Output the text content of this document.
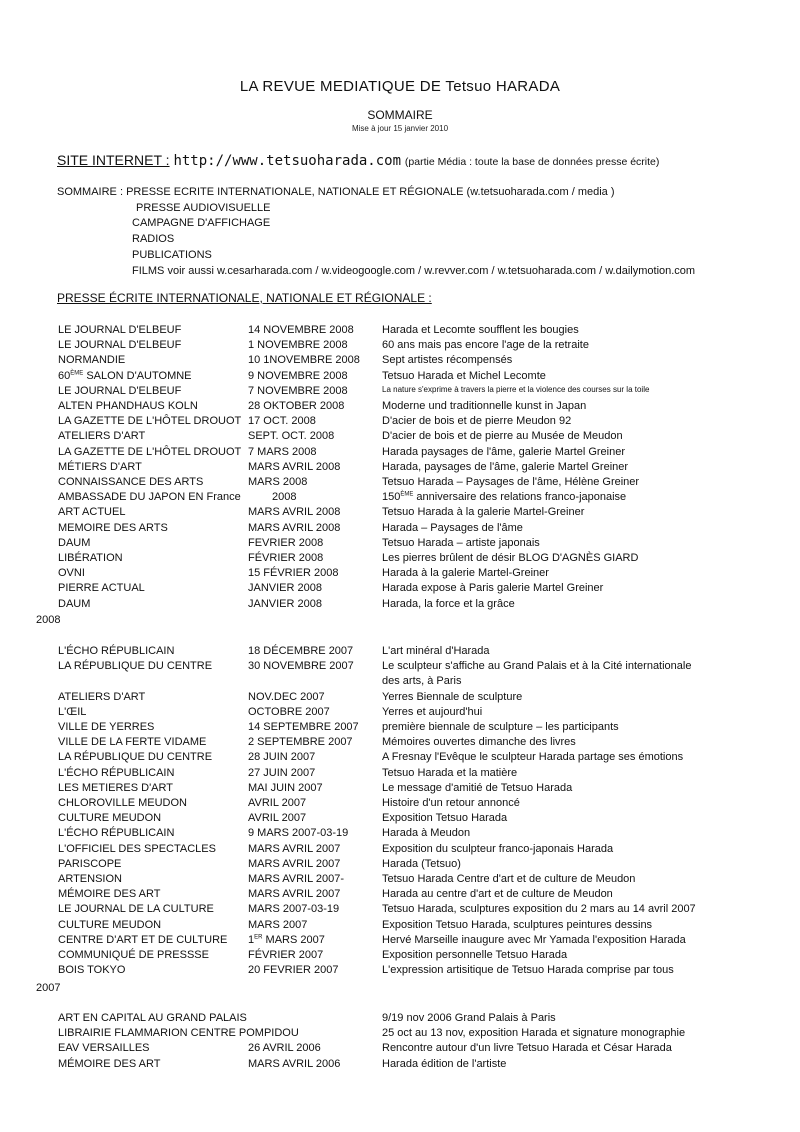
LA REVUE MEDIATIQUE DE Tetsuo HARADA
SOMMAIRE
Mise à jour 15 janvier 2010
SITE INTERNET : http://www.tetsuoharada.com (partie Média : toute la base de données presse écrite)
SOMMAIRE : PRESSE ECRITE INTERNATIONALE, NATIONALE ET RÉGIONALE (w.tetsuoharada.com / media )
PRESSE AUDIOVISUELLE
CAMPAGNE D'AFFICHAGE
RADIOS
PUBLICATIONS
FILMS voir aussi w.cesarharada.com / w.videogoogle.com / w.revver.com / w.tetsuoharada.com / w.dailymotion.com
PRESSE ÉCRITE INTERNATIONALE, NATIONALE ET RÉGIONALE :
LE JOURNAL D'ELBEUF	14 NOVEMBRE 2008	Harada et Lecomte soufflent les bougies
LE JOURNAL D'ELBEUF	1 NOVEMBRE 2008	60 ans mais pas encore l'age de la retraite
NORMANDIE	10 1NOVEMBRE 2008 Sept artistes récompensés
60ÈME SALON D'AUTOMNE	9 NOVEMBRE 2008	Tetsuo Harada et Michel Lecomte
LE JOURNAL D'ELBEUF	7 NOVEMBRE 2008	La nature s'exprime à travers la pierre et la violence des courses sur la toile
ALTEN PHANDHAUS KOLN	28 OKTOBER 2008	Moderne und traditionnelle kunst in Japan
LA GAZETTE DE L'HÔTEL DROUOT 17 OCT. 2008	D'acier de bois et de pierre Meudon 92
ATELIERS D'ART	SEPT. OCT. 2008	D'acier de bois et de pierre au Musée de Meudon
LA GAZETTE DE L'HÔTEL DROUOT 7 MARS 2008	Harada paysages de l'âme, galerie Martel Greiner
MÉTIERS D'ART	MARS AVRIL 2008	Harada, paysages de l'âme, galerie Martel Greiner
CONNAISSANCE DES ARTS	MARS 2008	Tetsuo Harada – Paysages de l'âme, Hélène Greiner
AMBASSADE DU JAPON EN France	2008	150ÈME anniversaire des relations franco-japonaise
ART ACTUEL	MARS AVRIL 2008	Tetsuo Harada à la galerie Martel-Greiner
MEMOIRE DES ARTS	MARS AVRIL 2008	Harada – Paysages de l'âme
DAUM	FEVRIER 2008	Tetsuo Harada – artiste japonais
LIBÉRATION	FÉVRIER 2008	Les pierres brûlent de désir BLOG D'AGNÈS GIARD
OVNI	15 FÉVRIER 2008	Harada à la galerie Martel-Greiner
PIERRE ACTUAL	JANVIER 2008	Harada expose à Paris galerie Martel Greiner
DAUM	JANVIER 2008	Harada, la force et la grâce
L'ÉCHO RÉPUBLICAIN	18 DÉCEMBRE 2007	L'art minéral d'Harada
LA RÉPUBLIQUE DU CENTRE	30 NOVEMBRE 2007	Le sculpteur s'affiche au Grand Palais et à la Cité internationale
des arts, à Paris
ATELIERS D'ART	NOV.DEC 2007	Yerres Biennale de sculpture
L'ŒIL	OCTOBRE 2007	Yerres et aujourd'hui
VILLE DE YERRES	14 SEPTEMBRE 2007 première biennale de sculpture – les participants
VILLE DE LA FERTE VIDAME	2 SEPTEMBRE 2007	Mémoires ouvertes dimanche des livres
LA RÉPUBLIQUE DU CENTRE	28 JUIN 2007	A Fresnay l'Evêque le sculpteur Harada partage ses émotions
L'ÉCHO RÉPUBLICAIN	27 JUIN 2007	Tetsuo Harada et la matière
LES METIERES D'ART	MAI JUIN 2007	Le message d'amitié de Tetsuo Harada
CHLOROVILLE MEUDON	AVRIL 2007	Histoire d'un retour annoncé
CULTURE MEUDON	AVRIL 2007	Exposition Tetsuo Harada
L'ÉCHO RÉPUBLICAIN	9 MARS 2007-03-19	Harada à Meudon
L'OFFICIEL DES SPECTACLES	MARS AVRIL 2007	Exposition du sculpteur franco-japonais Harada
PARISCOPE	MARS AVRIL 2007	Harada (Tetsuo)
ARTENSION	MARS AVRIL 2007-	Tetsuo Harada Centre d'art et de culture de Meudon
MÉMOIRE DES ART	MARS AVRIL 2007	Harada au centre d'art et de culture de Meudon
LE JOURNAL DE LA CULTURE	MARS 2007-03-19	Tetsuo Harada, sculptures exposition du 2 mars au 14 avril 2007
CULTURE MEUDON	MARS 2007	Exposition Tetsuo Harada, sculptures peintures dessins
CENTRE D'ART ET DE CULTURE 1ER MARS 2007	Hervé Marseille inaugure avec Mr Yamada l'exposition Harada
COMMUNIQUÉ DE PRESSSE	FÉVRIER 2007	Exposition personnelle Tetsuo Harada
BOIS TOKYO	20 FEVRIER 2007	L'expression artisitique de Tetsuo Harada comprise par tous
ART EN CAPITAL AU GRAND PALAIS	9/19 nov 2006 Grand Palais à Paris
LIBRAIRIE FLAMMARION CENTRE POMPIDOU	25 oct au 13 nov, exposition Harada et signature monographie
EAV VERSAILLES	26 AVRIL 2006	Rencontre autour d'un livre Tetsuo Harada et César Harada
MÉMOIRE DES ART	MARS AVRIL 2006	Harada édition de l'artiste
2008
2007
